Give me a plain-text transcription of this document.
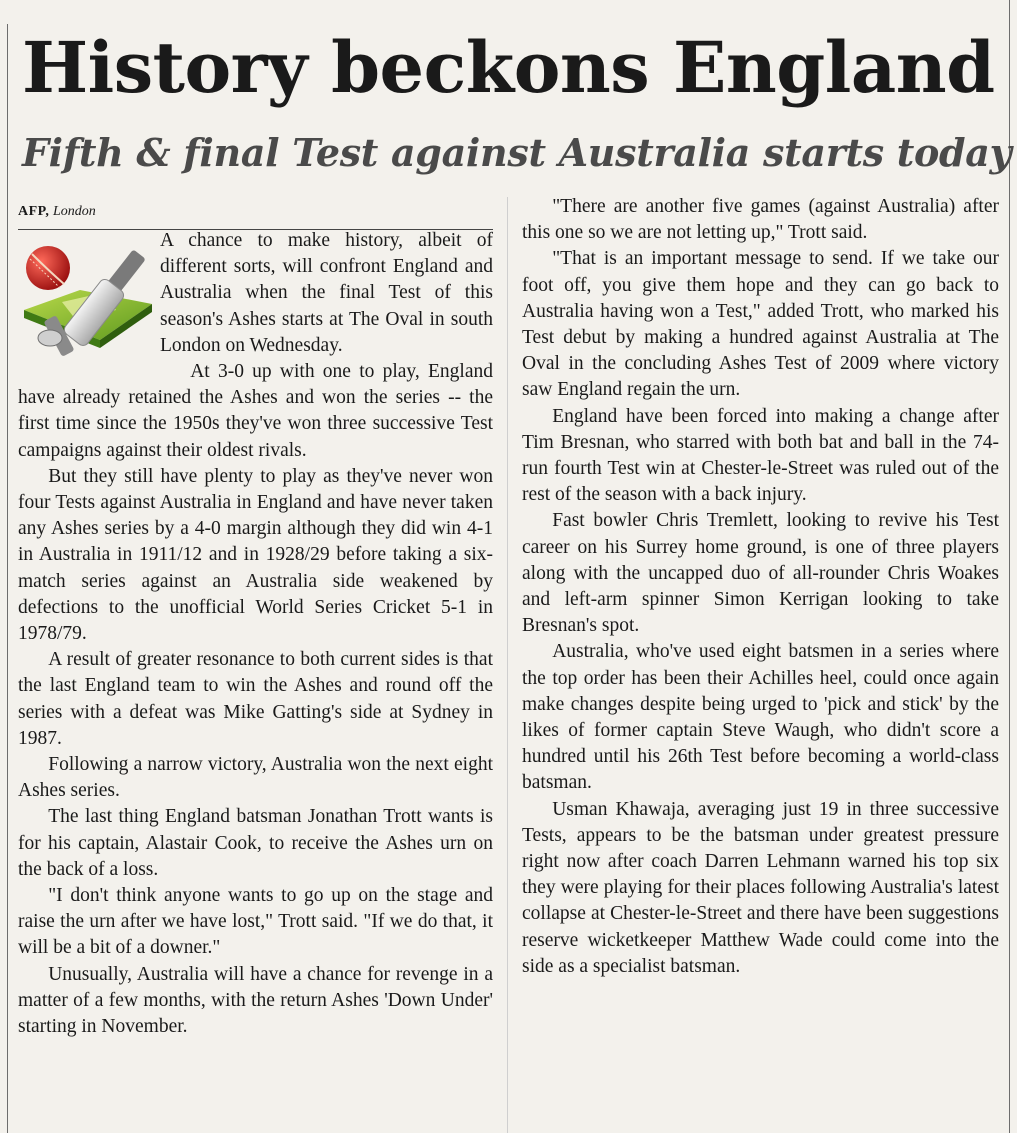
History beckons England
Fifth & final Test against Australia starts today
AFP, London

A chance to make history, albeit of different sorts, will confront England and Australia when the final Test of this season's Ashes starts at The Oval in south London on Wednesday.

At 3-0 up with one to play, England have already retained the Ashes and won the series -- the first time since the 1950s they've won three successive Test campaigns against their oldest rivals.

But they still have plenty to play as they've never won four Tests against Australia in England and have never taken any Ashes series by a 4-0 margin although they did win 4-1 in Australia in 1911/12 and in 1928/29 before taking a six-match series against an Australia side weakened by defections to the unofficial World Series Cricket 5-1 in 1978/79.

A result of greater resonance to both current sides is that the last England team to win the Ashes and round off the series with a defeat was Mike Gatting's side at Sydney in 1987.

Following a narrow victory, Australia won the next eight Ashes series.

The last thing England batsman Jonathan Trott wants is for his captain, Alastair Cook, to receive the Ashes urn on the back of a loss.

"I don't think anyone wants to go up on the stage and raise the urn after we have lost," Trott said. "If we do that, it will be a bit of a downer."

Unusually, Australia will have a chance for revenge in a matter of a few months, with the return Ashes 'Down Under' starting in November.

"There are another five games (against Australia) after this one so we are not letting up," Trott said.

"That is an important message to send. If we take our foot off, you give them hope and they can go back to Australia having won a Test," added Trott, who marked his Test debut by making a hundred against Australia at The Oval in the concluding Ashes Test of 2009 where victory saw England regain the urn.

England have been forced into making a change after Tim Bresnan, who starred with both bat and ball in the 74-run fourth Test win at Chester-le-Street was ruled out of the rest of the season with a back injury.

Fast bowler Chris Tremlett, looking to revive his Test career on his Surrey home ground, is one of three players along with the uncapped duo of all-rounder Chris Woakes and left-arm spinner Simon Kerrigan looking to take Bresnan's spot.

Australia, who've used eight batsmen in a series where the top order has been their Achilles heel, could once again make changes despite being urged to 'pick and stick' by the likes of former captain Steve Waugh, who didn't score a hundred until his 26th Test before becoming a world-class batsman.

Usman Khawaja, averaging just 19 in three successive Tests, appears to be the batsman under greatest pressure right now after coach Darren Lehmann warned his top six they were playing for their places following Australia's latest collapse at Chester-le-Street and there have been suggestions reserve wicketkeeper Matthew Wade could come into the side as a specialist batsman.
